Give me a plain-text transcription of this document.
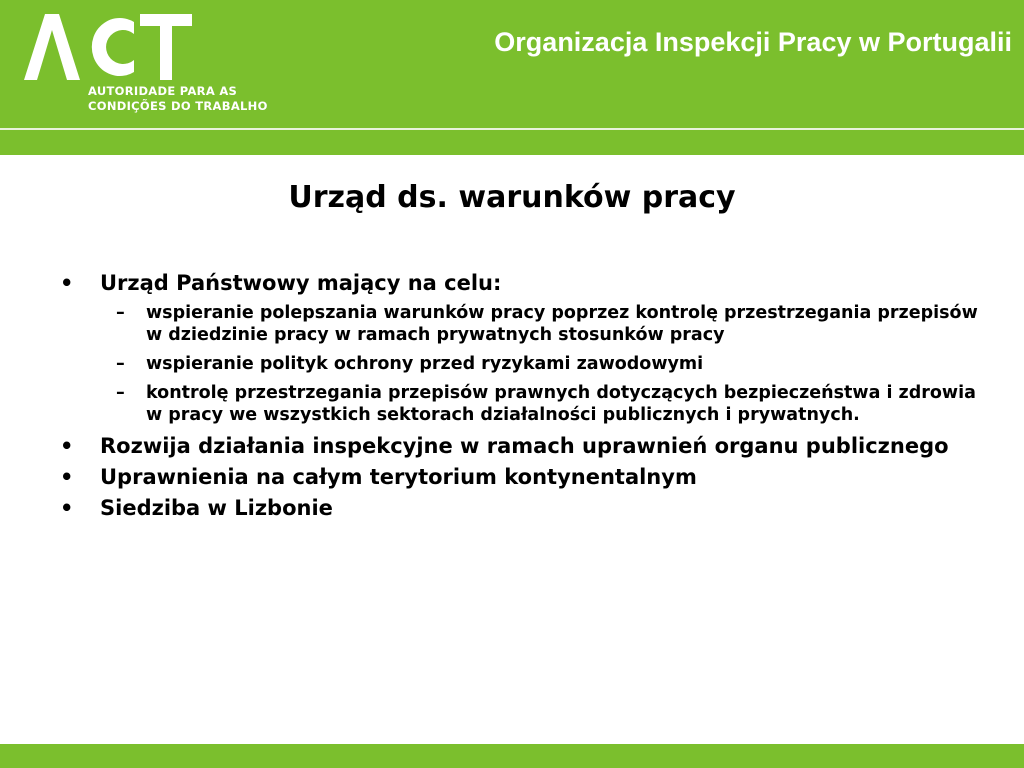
AUTORIDADE PARA AS
CONDIÇÕES DO TRABALHO
Organizacja Inspekcji Pracy w Portugalii
Urząd ds. warunków pracy
• Urząd Państwowy mający na celu:
– wspieranie polepszania warunków pracy poprzez kontrolę przestrzegania przepisów w dziedzinie pracy w ramach prywatnych stosunków pracy
– wspieranie polityk ochrony przed ryzykami zawodowymi
– kontrolę przestrzegania przepisów prawnych dotyczących bezpieczeństwa i zdrowia w pracy we wszystkich sektorach działalności publicznych i prywatnych.
• Rozwija działania inspekcyjne w ramach uprawnień organu publicznego
• Uprawnienia na całym terytorium kontynentalnym
• Siedziba w Lizbonie
